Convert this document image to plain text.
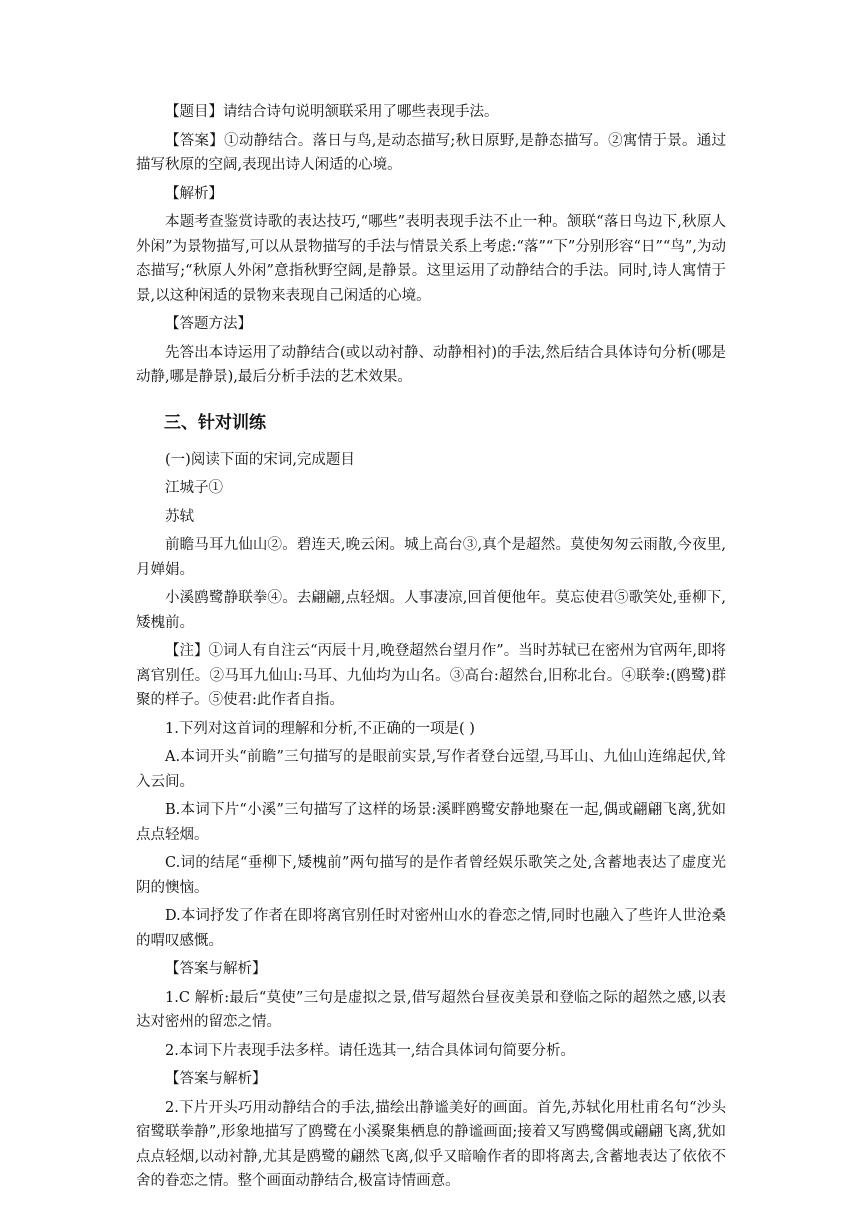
【题目】请结合诗句说明颔联采用了哪些表现手法。

【答案】①动静结合。落日与鸟,是动态描写;秋日原野,是静态描写。②寓情于景。通过描写秋原的空阔,表现出诗人闲适的心境。

【解析】

本题考查鉴赏诗歌的表达技巧,“哪些”表明表现手法不止一种。颔联“落日鸟边下,秋原人外闲”为景物描写,可以从景物描写的手法与情景关系上考虑:“落”“下”分别形容“日”“鸟”,为动态描写;“秋原人外闲”意指秋野空阔,是静景。这里运用了动静结合的手法。同时,诗人寓情于景,以这种闲适的景物来表现自己闲适的心境。

【答题方法】

先答出本诗运用了动静结合(或以动衬静、动静相衬)的手法,然后结合具体诗句分析(哪是动静,哪是静景),最后分析手法的艺术效果。

三、针对训练

(一)阅读下面的宋词,完成题目

江城子①

苏轼

前瞻马耳九仙山②。碧连天,晚云闲。城上高台③,真个是超然。莫使匆匆云雨散,今夜里,月婵娟。

小溪鸥鹭静联拳④。去翩翩,点轻烟。人事凄凉,回首便他年。莫忘使君⑤歌笑处,垂柳下,矮槐前。

【注】①词人有自注云“丙辰十月,晚登超然台望月作”。当时苏轼已在密州为官两年,即将离官别任。②马耳九仙山:马耳、九仙均为山名。③高台:超然台,旧称北台。④联拳:(鸥鹭)群聚的样子。⑤使君:此作者自指。

1.下列对这首词的理解和分析,不正确的一项是( )

A.本词开头“前瞻”三句描写的是眼前实景,写作者登台远望,马耳山、九仙山连绵起伏,耸入云间。

B.本词下片“小溪”三句描写了这样的场景:溪畔鸥鹭安静地聚在一起,偶或翩翩飞离,犹如点点轻烟。

C.词的结尾“垂柳下,矮槐前”两句描写的是作者曾经娱乐歌笑之处,含蓄地表达了虚度光阴的懊恼。

D.本词抒发了作者在即将离官别任时对密州山水的眷恋之情,同时也融入了些许人世沧桑的喟叹感慨。

【答案与解析】

1.C 解析:最后“莫使”三句是虚拟之景,借写超然台昼夜美景和登临之际的超然之感,以表达对密州的留恋之情。

2.本词下片表现手法多样。请任选其一,结合具体词句简要分析。

【答案与解析】

2.下片开头巧用动静结合的手法,描绘出静谧美好的画面。首先,苏轼化用杜甫名句“沙头宿鹭联拳静”,形象地描写了鸥鹭在小溪聚集栖息的静谧画面;接着又写鸥鹭偶或翩翩飞离,犹如点点轻烟,以动衬静,尤其是鸥鹭的翩然飞离,似乎又暗喻作者的即将离去,含蓄地表达了依依不舍的眷恋之情。整个画面动静结合,极富诗情画意。
